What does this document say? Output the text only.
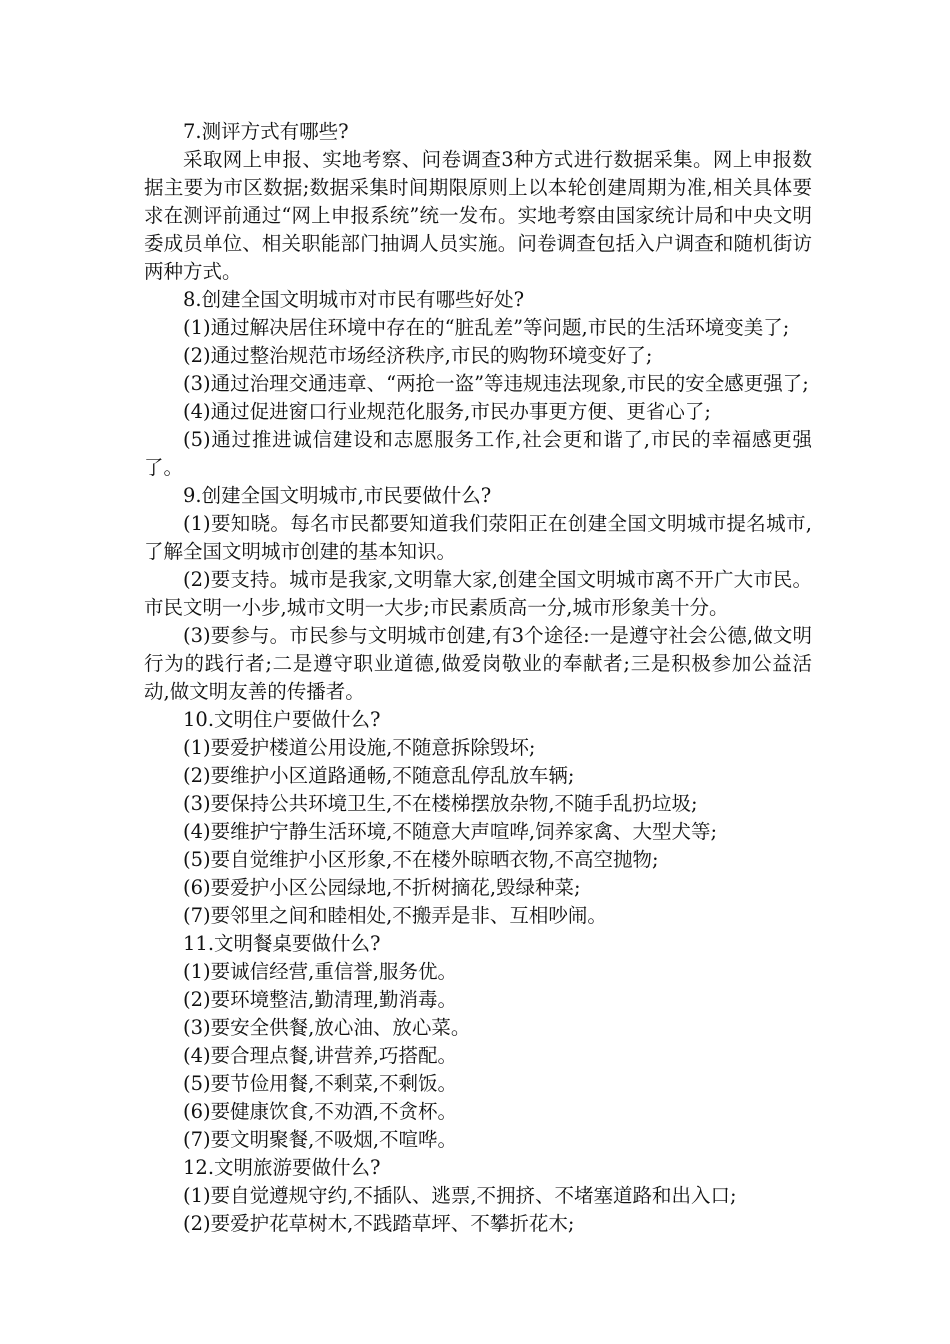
7.测评方式有哪些?

采取网上申报、实地考察、问卷调查3种方式进行数据采集。网上申报数据主要为市区数据;数据采集时间期限原则上以本轮创建周期为准,相关具体要求在测评前通过“网上申报系统”统一发布。实地考察由国家统计局和中央文明委成员单位、相关职能部门抽调人员实施。问卷调查包括入户调查和随机街访两种方式。

8.创建全国文明城市对市民有哪些好处?

(1)通过解决居住环境中存在的“脏乱差”等问题,市民的生活环境变美了;

(2)通过整治规范市场经济秩序,市民的购物环境变好了;

(3)通过治理交通违章、“两抢一盗”等违规违法现象,市民的安全感更强了;

(4)通过促进窗口行业规范化服务,市民办事更方便、更省心了;

(5)通过推进诚信建设和志愿服务工作,社会更和谐了,市民的幸福感更强了。

9.创建全国文明城市,市民要做什么?

(1)要知晓。每名市民都要知道我们荥阳正在创建全国文明城市提名城市,了解全国文明城市创建的基本知识。

(2)要支持。城市是我家,文明靠大家,创建全国文明城市离不开广大市民。市民文明一小步,城市文明一大步;市民素质高一分,城市形象美十分。

(3)要参与。市民参与文明城市创建,有3个途径:一是遵守社会公德,做文明行为的践行者;二是遵守职业道德,做爱岗敬业的奉献者;三是积极参加公益活动,做文明友善的传播者。

10.文明住户要做什么?

(1)要爱护楼道公用设施,不随意拆除毁坏;

(2)要维护小区道路通畅,不随意乱停乱放车辆;

(3)要保持公共环境卫生,不在楼梯摆放杂物,不随手乱扔垃圾;

(4)要维护宁静生活环境,不随意大声喧哗,饲养家禽、大型犬等;

(5)要自觉维护小区形象,不在楼外晾晒衣物,不高空抛物;

(6)要爱护小区公园绿地,不折树摘花,毁绿种菜;

(7)要邻里之间和睦相处,不搬弄是非、互相吵闹。

11.文明餐桌要做什么?

(1)要诚信经营,重信誉,服务优。

(2)要环境整洁,勤清理,勤消毒。

(3)要安全供餐,放心油、放心菜。

(4)要合理点餐,讲营养,巧搭配。

(5)要节俭用餐,不剩菜,不剩饭。

(6)要健康饮食,不劝酒,不贪杯。

(7)要文明聚餐,不吸烟,不喧哗。

12.文明旅游要做什么?

(1)要自觉遵规守约,不插队、逃票,不拥挤、不堵塞道路和出入口;

(2)要爱护花草树木,不践踏草坪、不攀折花木;
